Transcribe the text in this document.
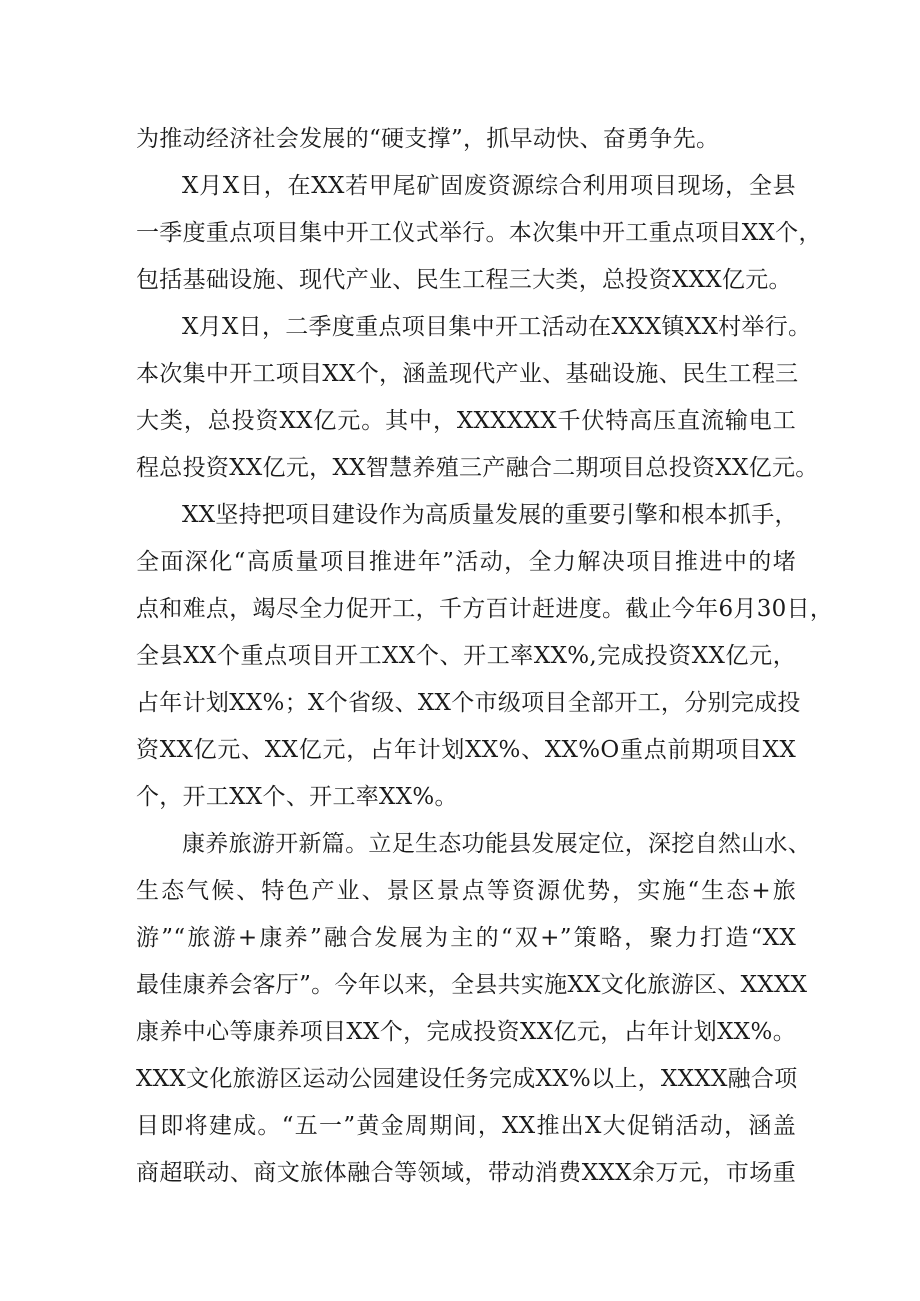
为推动经济社会发展的“硬支撑”，抓早动快、奋勇争先。
X月X日，在XX若甲尾矿固废资源综合利用项目现场，全县
一季度重点项目集中开工仪式举行。本次集中开工重点项目XX个，
包括基础设施、现代产业、民生工程三大类，总投资XXX亿元。
X月X日，二季度重点项目集中开工活动在XXX镇XX村举行。
本次集中开工项目XX个，涵盖现代产业、基础设施、民生工程三
大类，总投资XX亿元。其中，XXXXXX千伏特高压直流输电工
程总投资XX亿元，XX智慧养殖三产融合二期项目总投资XX亿元。
XX坚持把项目建设作为高质量发展的重要引擎和根本抓手，
全面深化“高质量项目推进年”活动，全力解决项目推进中的堵
点和难点，竭尽全力促开工，千方百计赶进度。截止今年6月30日，
全县XX个重点项目开工XX个、开工率XX%,完成投资XX亿元，
占年计划XX%；X个省级、XX个市级项目全部开工，分别完成投
资XX亿元、XX亿元，占年计划XX%、XX%O重点前期项目XX
个，开工XX个、开工率XX%。
康养旅游开新篇。立足生态功能县发展定位，深挖自然山水、
生态气候、特色产业、景区景点等资源优势，实施“生态+旅
游”“旅游+康养”融合发展为主的“双+”策略，聚力打造“XX
最佳康养会客厅”。今年以来，全县共实施XX文化旅游区、XXXX
康养中心等康养项目XX个，完成投资XX亿元，占年计划XX%。
XXX文化旅游区运动公园建设任务完成XX%以上，XXXX融合项
目即将建成。“五一”黄金周期间，XX推出X大促销活动，涵盖
商超联动、商文旅体融合等领域，带动消费XXX余万元，市场重
